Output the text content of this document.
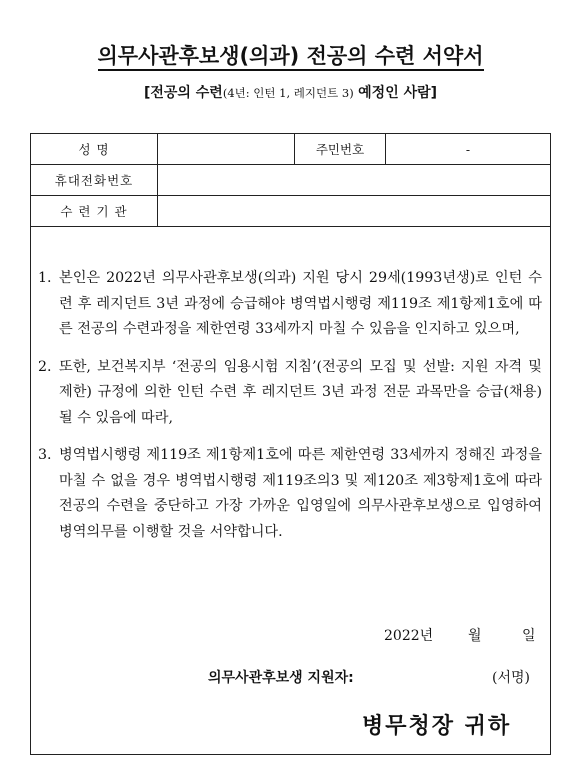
의무사관후보생(의과) 전공의 수련 서약서
[전공의 수련(4년: 인턴 1, 레지던트 3) 예정인 사람]
성 명		주민번호	-
휴대전화번호			
수 련 기 관			
1. 본인은 2022년 의무사관후보생(의과) 지원 당시 29세(1993년생)로 인턴 수련 후 레지던트 3년 과정에 승급해야 병역법시행령 제119조 제1항제1호에 따른 전공의 수련과정을 제한연령 33세까지 마칠 수 있음을 인지하고 있으며,
2. 또한, 보건복지부 ‘전공의 임용시험 지침’(전공의 모집 및 선발: 지원 자격 및 제한) 규정에 의한 인턴 수련 후 레지던트 3년 과정 전문 과목만을 승급(채용) 될 수 있음에 따라,
3. 병역법시행령 제119조 제1항제1호에 따른 제한연령 33세까지 정해진 과정을 마칠 수 없을 경우 병역법시행령 제119조의3 및 제120조 제3항제1호에 따라 전공의 수련을 중단하고 가장 가까운 입영일에 의무사관후보생으로 입영하여 병역의무를 이행할 것을 서약합니다.
2022년 월	일
의무사관후보생 지원자:	(서명)
병무청장 귀하
